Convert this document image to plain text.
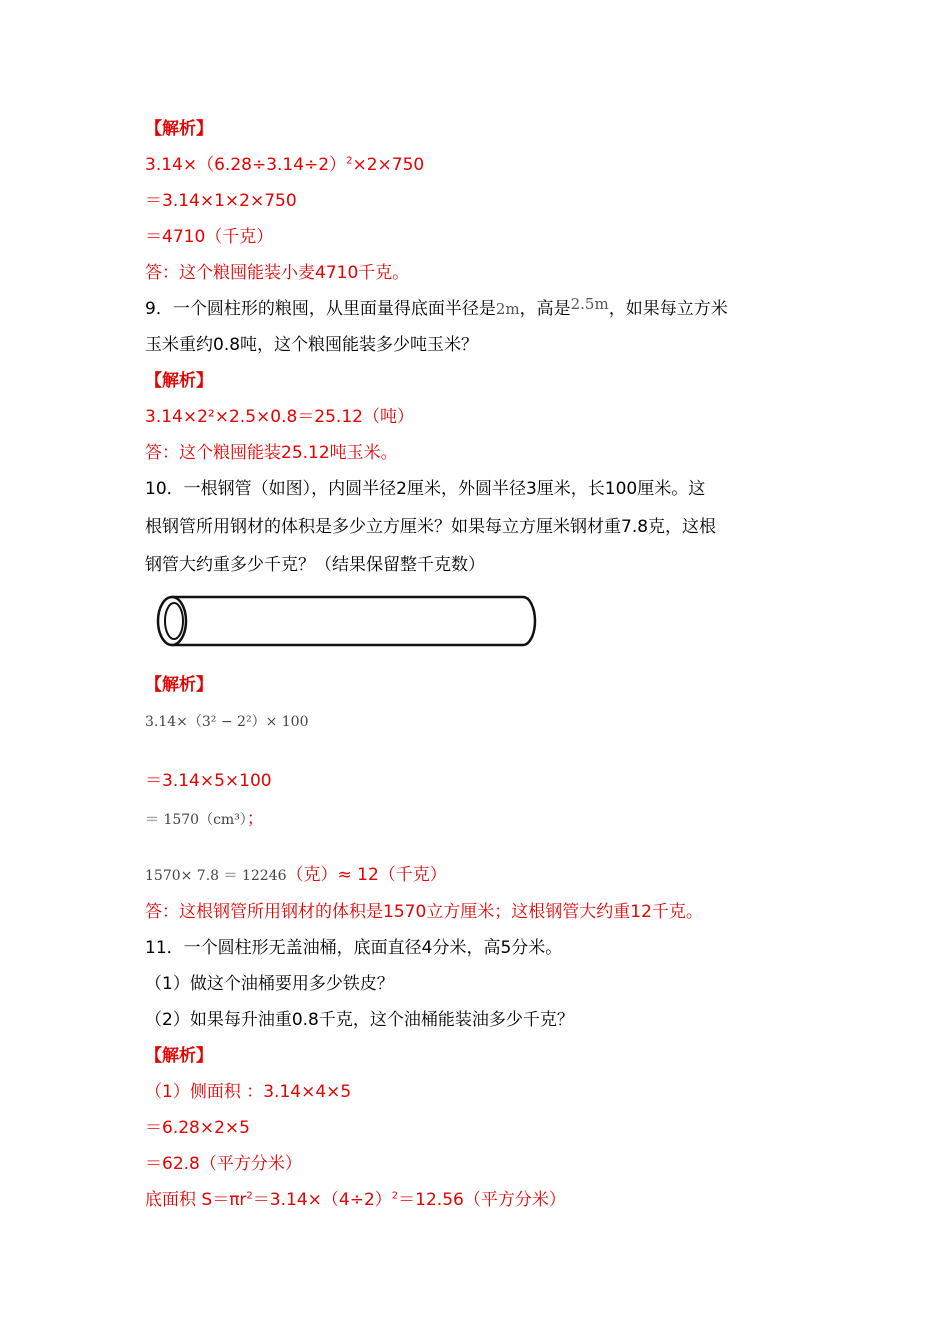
【解析】
$3.14\times(6.28\div 3.14\div 2)^2\times 2\times 750$
＝3.14×1×2×750
＝4710（千克）
答：这个粮囤能装小麦4710千克。
9．一个圆柱形的粮囤，从里面量得底面半径是2m，高是2.5m，如果每立方米
玉米重约0.8吨，这个粮囤能装多少吨玉米？
【解析】
3.14×2²×2.5×0.8＝25.12（吨）
答：这个粮囤能装25.12吨玉米。
10．一根钢管（如图），内圆半径2厘米，外圆半径3厘米，长100厘米。这
根钢管所用钢材的体积是多少立方厘米？如果每立方厘米钢材重7.8克，这根
钢管大约重多少千克？（结果保留整千克数）
【解析】
3.14×（3² − 2²）× 100
＝3.14×5×100
＝ 1570（cm³）；
1570× 7.8 ＝ 12246（克）≈ 12（千克）
答：这根钢管所用钢材的体积是1570立方厘米；这根钢管大约重12千克。
11．一个圆柱形无盖油桶，底面直径4分米，高5分米。
（1）做这个油桶要用多少铁皮？
（2）如果每升油重0.8千克，这个油桶能装油多少千克？
【解析】
（1）侧面积 ：3.14×4×5
＝6.28×2×5
＝62.8（平方分米）
底面积 $S=\pi r^2=3.14\times(4\div 2)^2=12.56$（平方分米）
